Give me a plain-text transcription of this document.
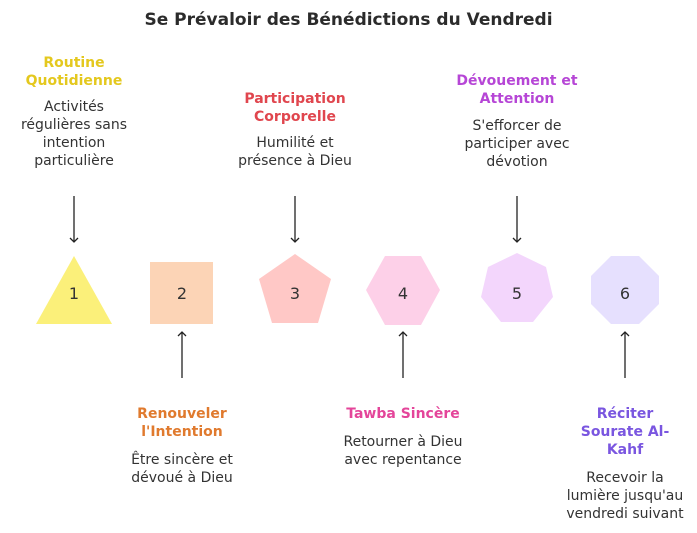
Se Prévaloir des Bénédictions du Vendredi
1	2	3	4	5	6
Routine Quotidienne
Activités régulières sans intention particulière
Renouveler l'Intention
Être sincère et dévoué à Dieu
Participation Corporelle
Humilité et présence à Dieu
Tawba Sincère
Retourner à Dieu avec repentance
Dévouement et Attention
S'efforcer de participer avec dévotion
Réciter Sourate Al-Kahf
Recevoir la lumière jusqu'au vendredi suivant
